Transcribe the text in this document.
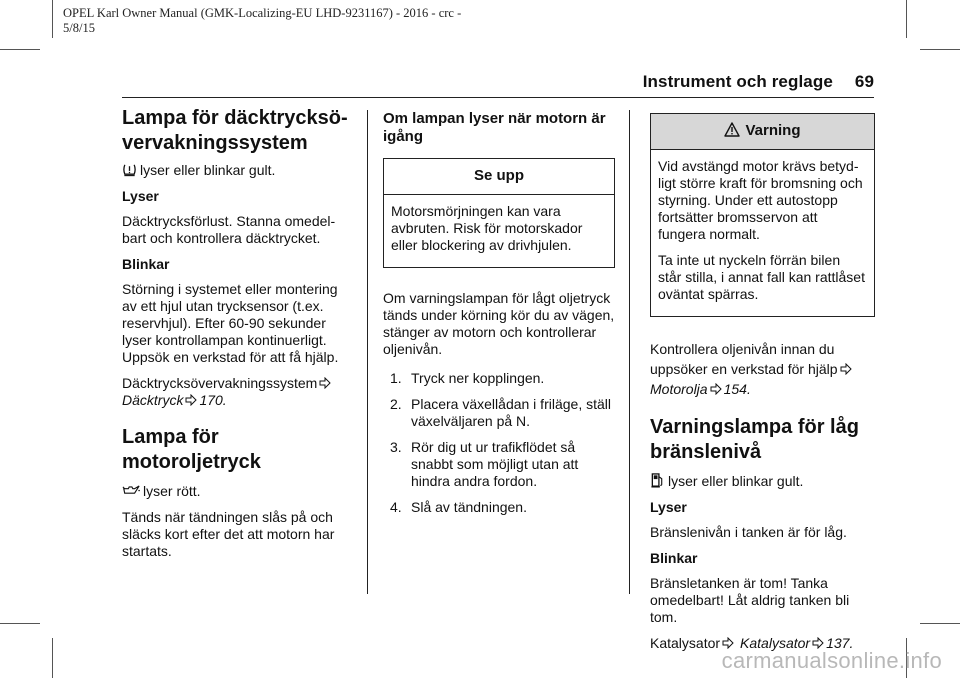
OPEL Karl Owner Manual (GMK-Localizing-EU LHD-9231167) - 2016 - crc -
5/8/15
Instrument och reglage 69
Lampa för däcktrycksö-vervakningssystem

lyser eller blinkar gult.

Lyser

Däcktrycksförlust. Stanna omedel-bart och kontrollera däcktrycket.

Blinkar

Störning i systemet eller montering av ett hjul utan trycksensor (t.ex. reservhjul). Efter 60-90 sekunder lyser kontrollampan kontinuerligt. Uppsök en verkstad för att få hjälp.

Däcktrycksövervakningssystem
Däcktryck 170.

Lampa för motoroljetryck

lyser rött.

Tänds när tändningen slås på och släcks kort efter det att motorn har startats.

Om lampan lyser när motorn är igång
Se upp

Motorsmörjningen kan vara avbruten. Risk för motorskador eller blockering av drivhjulen.

Om varningslampan för lågt oljetryck tänds under körning kör du av vägen, stänger av motorn och kontrollerar oljenivån.

1. Tryck ner kopplingen.
2. Placera växellådan i friläge, ställ växelväljaren på N.
3. Rör dig ut ur trafikflödet så snabbt som möjligt utan att hindra andra fordon.
4. Slå av tändningen.
Varning

Vid avstängd motor krävs betyd-ligt större kraft för bromsning och styrning. Under ett autostopp fortsätter bromsservon att fungera normalt.

Ta inte ut nyckeln förrän bilen står stilla, i annat fall kan rattlåset oväntat spärras.

Kontrollera oljenivån innan du uppsöker en verkstad för hjälp
Motorolja 154.

Varningslampa för låg bränslenivå

lyser eller blinkar gult.

Lyser

Bränslenivån i tanken är för låg.

Blinkar

Bränsletanken är tom! Tanka omedelbart! Låt aldrig tanken bli tom.

Katalysator Katalysator 137.

carmanualsonline.info
